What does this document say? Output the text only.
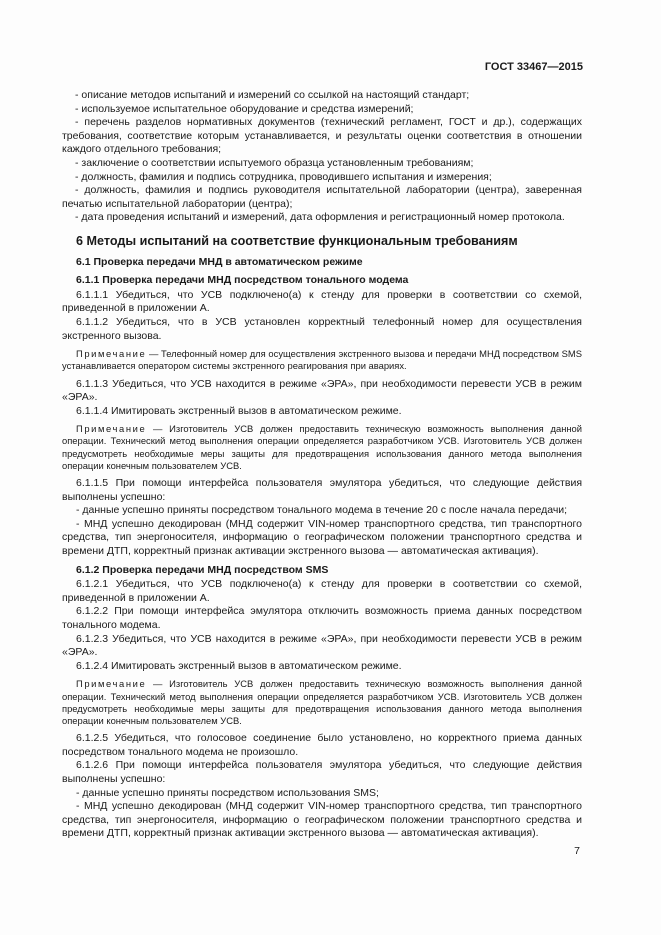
ГОСТ 33467—2015

- описание методов испытаний и измерений со ссылкой на настоящий стандарт;

- используемое испытательное оборудование и средства измерений;

- перечень разделов нормативных документов (технический регламент, ГОСТ и др.), содержащих требования, соответствие которым устанавливается, и результаты оценки соответствия в отношении каждого отдельного требования;

- заключение о соответствии испытуемого образца установленным требованиям;

- должность, фамилия и подпись сотрудника, проводившего испытания и измерения;

- должность, фамилия и подпись руководителя испытательной лаборатории (центра), заверенная печатью испытательной лаборатории (центра);

- дата проведения испытаний и измерений, дата оформления и регистрационный номер протокола.

6 Методы испытаний на соответствие функциональным требованиям

6.1 Проверка передачи МНД в автоматическом режиме

6.1.1 Проверка передачи МНД посредством тонального модема

6.1.1.1 Убедиться, что УСВ подключено(а) к стенду для проверки в соответствии со схемой, приведенной в приложении А.

6.1.1.2 Убедиться, что в УСВ установлен корректный телефонный номер для осуществления экстренного вызова.

Примечание — Телефонный номер для осуществления экстренного вызова и передачи МНД посредством SMS устанавливается оператором системы экстренного реагирования при авариях.

6.1.1.3 Убедиться, что УСВ находится в режиме «ЭРА», при необходимости перевести УСВ в режим «ЭРА».

6.1.1.4 Имитировать экстренный вызов в автоматическом режиме.

Примечание — Изготовитель УСВ должен предоставить техническую возможность выполнения данной операции. Технический метод выполнения операции определяется разработчиком УСВ. Изготовитель УСВ должен предусмотреть необходимые меры защиты для предотвращения использования данного метода выполнения операции конечным пользователем УСВ.

6.1.1.5 При помощи интерфейса пользователя эмулятора убедиться, что следующие действия выполнены успешно:

- данные успешно приняты посредством тонального модема в течение 20 с после начала передачи;

- МНД успешно декодирован (МНД содержит VIN-номер транспортного средства, тип транспортного средства, тип энергоносителя, информацию о географическом положении транспортного средства и времени ДТП, корректный признак активации экстренного вызова — автоматическая активация).

6.1.2 Проверка передачи МНД посредством SMS

6.1.2.1 Убедиться, что УСВ подключено(а) к стенду для проверки в соответствии со схемой, приведенной в приложении А.

6.1.2.2 При помощи интерфейса эмулятора отключить возможность приема данных посредством тонального модема.

6.1.2.3 Убедиться, что УСВ находится в режиме «ЭРА», при необходимости перевести УСВ в режим «ЭРА».

6.1.2.4 Имитировать экстренный вызов в автоматическом режиме.

Примечание — Изготовитель УСВ должен предоставить техническую возможность выполнения данной операции. Технический метод выполнения операции определяется разработчиком УСВ. Изготовитель УСВ должен предусмотреть необходимые меры защиты для предотвращения использования данного метода выполнения операции конечным пользователем УСВ.

6.1.2.5 Убедиться, что голосовое соединение было установлено, но корректного приема данных посредством тонального модема не произошло.

6.1.2.6 При помощи интерфейса пользователя эмулятора убедиться, что следующие действия выполнены успешно:

- данные успешно приняты посредством использования SMS;

- МНД успешно декодирован (МНД содержит VIN-номер транспортного средства, тип транспортного средства, тип энергоносителя, информацию о географическом положении транспортного средства и времени ДТП, корректный признак активации экстренного вызова — автоматическая активация).

7
